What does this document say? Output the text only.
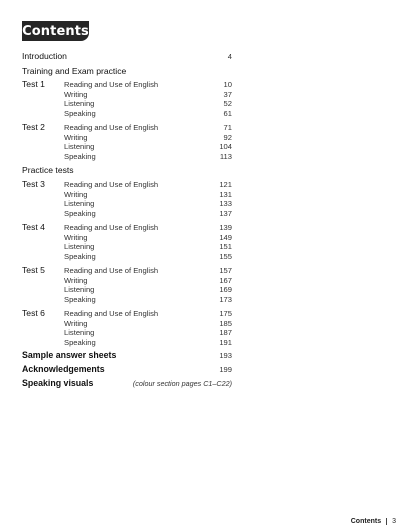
Contents
Introduction	4
Training and Exam practice
Test 1	Reading and Use of English	10
Writing	37
Listening	52
Speaking	61
Test 2	Reading and Use of English	71
Writing	92
Listening	104
Speaking	113
Practice tests
Test 3	Reading and Use of English	121
Writing	131
Listening	133
Speaking	137
Test 4	Reading and Use of English	139
Writing	149
Listening	151
Speaking	155
Test 5	Reading and Use of English	157
Writing	167
Listening	169
Speaking	173
Test 6	Reading and Use of English	175
Writing	185
Listening	187
Speaking	191
Sample answer sheets	193
Acknowledgements	199
Speaking visuals	(colour section pages C1–C22)
Contents 3
